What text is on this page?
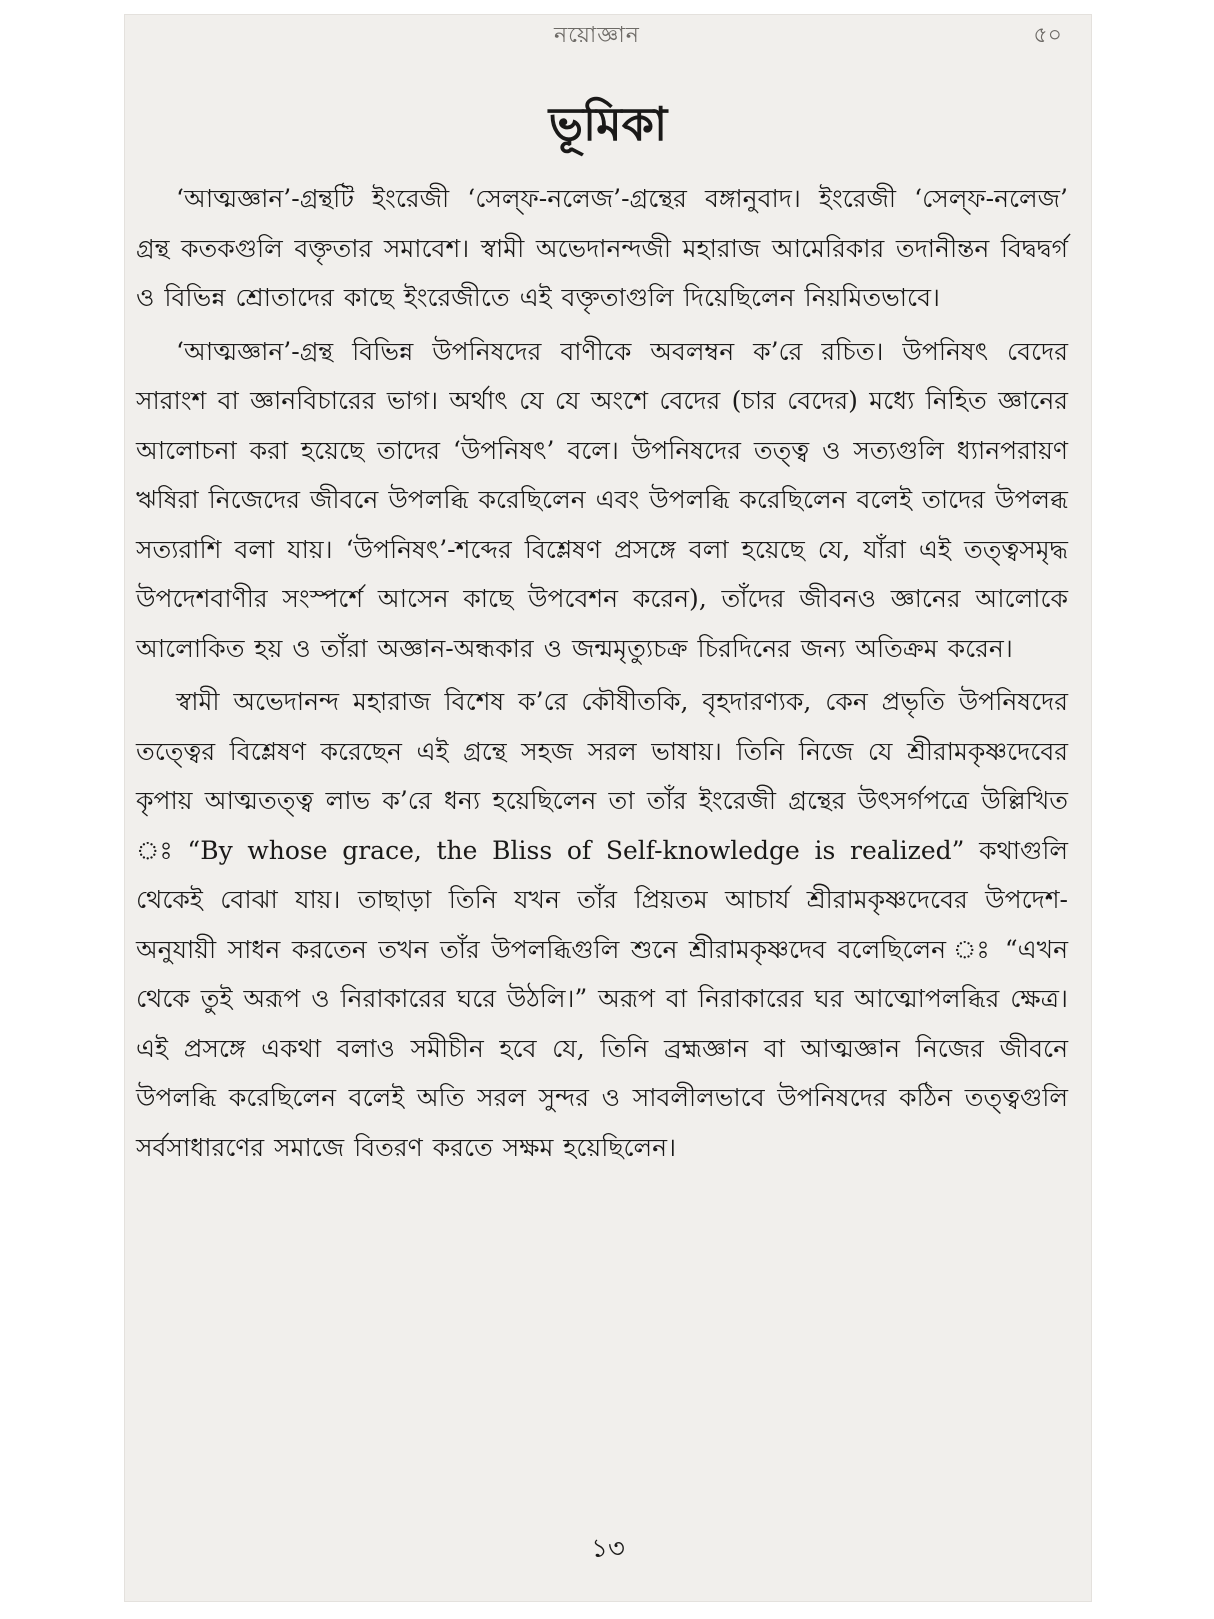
নয়োজ্ঞান	৫০
ভূমিকা

‘আত্মজ্ঞান’-গ্রন্থটি ইংরেজী ‘সেল্‌ফ-নলেজ’-গ্রন্থের বঙ্গানুবাদ। ইংরেজী ‘সেল্‌ফ-নলেজ’ গ্রন্থ কতকগুলি বক্তৃতার সমাবেশ। স্বামী অভেদানন্দজী মহারাজ আমেরিকার তদানীন্তন বিদ্বদ্বর্গ ও বিভিন্ন শ্রোতাদের কাছে ইংরেজীতে এই বক্তৃতাগুলি দিয়েছিলেন নিয়মিতভাবে।

‘আত্মজ্ঞান’-গ্রন্থ বিভিন্ন উপনিষদের বাণীকে অবলম্বন ক’রে রচিত। উপনিষৎ বেদের সারাংশ বা জ্ঞানবিচারের ভাগ। অর্থাৎ যে যে অংশে বেদের (চার বেদের) মধ্যে নিহিত জ্ঞানের আলোচনা করা হয়েছে তাদের ‘উপনিষৎ’ বলে। উপনিষদের তত্ত্ব ও সত্যগুলি ধ্যানপরায়ণ ঋষিরা নিজেদের জীবনে উপলব্ধি করেছিলেন এবং উপলব্ধি করেছিলেন বলেই তাদের উপলব্ধ সত্যরাশি বলা যায়। ‘উপনিষৎ’-শব্দের বিশ্লেষণ প্রসঙ্গে বলা হয়েছে যে, যাঁরা এই তত্ত্বসমৃদ্ধ উপদেশবাণীর সংস্পর্শে আসেন কাছে উপবেশন করেন), তাঁদের জীবনও জ্ঞানের আলোকে আলোকিত হয় ও তাঁরা অজ্ঞান-অন্ধকার ও জন্মমৃত্যুচক্র চিরদিনের জন্য অতিক্রম করেন।

স্বামী অভেদানন্দ মহারাজ বিশেষ ক’রে কৌষীতকি, বৃহদারণ্যক, কেন প্রভৃতি উপনিষদের তত্ত্বের বিশ্লেষণ করেছেন এই গ্রন্থে সহজ সরল ভাষায়। তিনি নিজে যে শ্রীরামকৃষ্ণদেবের কৃপায় আত্মতত্ত্ব লাভ ক’রে ধন্য হয়েছিলেন তা তাঁর ইংরেজী গ্রন্থের উৎসর্গপত্রে উল্লিখিত ঃ “By whose grace, the Bliss of Self-knowledge is realized” কথাগুলি থেকেই বোঝা যায়। তাছাড়া তিনি যখন তাঁর প্রিয়তম আচার্য শ্রীরামকৃষ্ণদেবের উপদেশ-অনুযায়ী সাধন করতেন তখন তাঁর উপলব্ধিগুলি শুনে শ্রীরামকৃষ্ণদেব বলেছিলেন ঃ “এখন থেকে তুই অরূপ ও নিরাকারের ঘরে উঠলি।” অরূপ বা নিরাকারের ঘর আত্মোপলব্ধির ক্ষেত্র। এই প্রসঙ্গে একথা বলাও সমীচীন হবে যে, তিনি ব্রহ্মজ্ঞান বা আত্মজ্ঞান নিজের জীবনে উপলব্ধি করেছিলেন বলেই অতি সরল সুন্দর ও সাবলীলভাবে উপনিষদের কঠিন তত্ত্বগুলি সর্বসাধারণের সমাজে বিতরণ করতে সক্ষম হয়েছিলেন।

১৩
